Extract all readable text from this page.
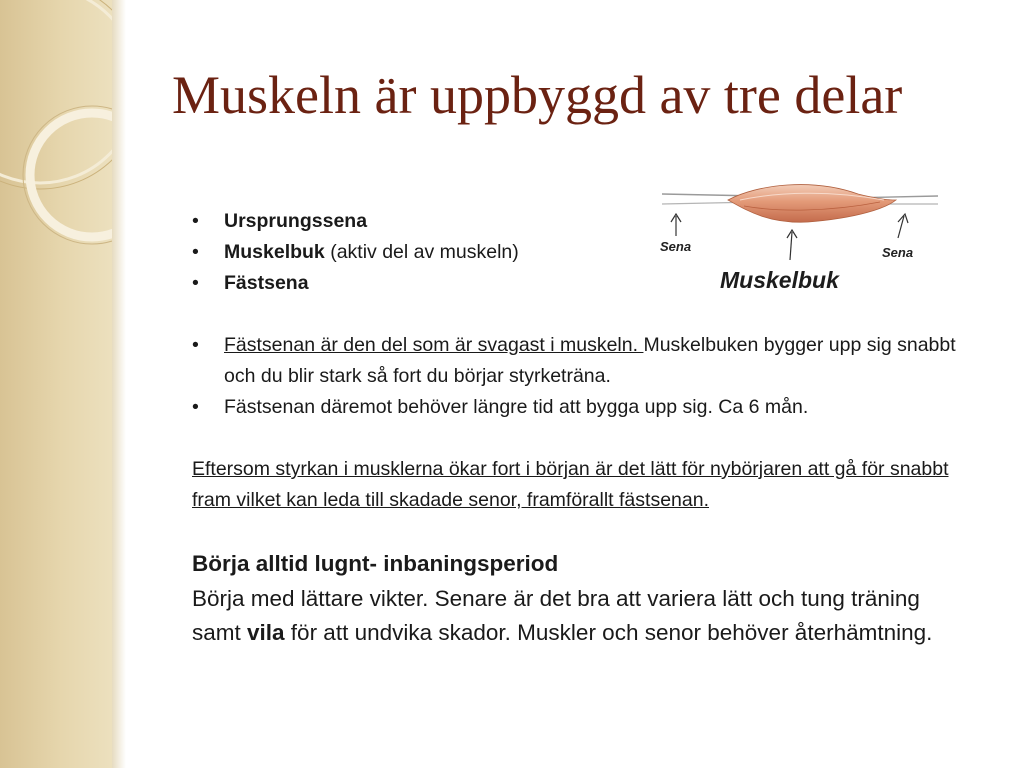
Muskeln är uppbyggd av tre delar
Sena	Sena
Muskelbuk
•	Ursprungssena
•	Muskelbuk (aktiv del av muskeln)
•	Fästsena
•	Fästsenan är den del som är svagast i muskeln. Muskelbuken bygger upp sig snabbt och du blir stark så fort du börjar styrketräna.
•	Fästsenan däremot behöver längre tid att bygga upp sig. Ca 6 mån.

Eftersom styrkan i musklerna ökar fort i början är det lätt för nybörjaren att gå för snabbt fram vilket kan leda till skadade senor, framförallt fästsenan.

Börja alltid lugnt- inbaningsperiod
Börja med lättare vikter. Senare är det bra att variera lätt och tung träning samt vila för att undvika skador. Muskler och senor behöver återhämtning.
